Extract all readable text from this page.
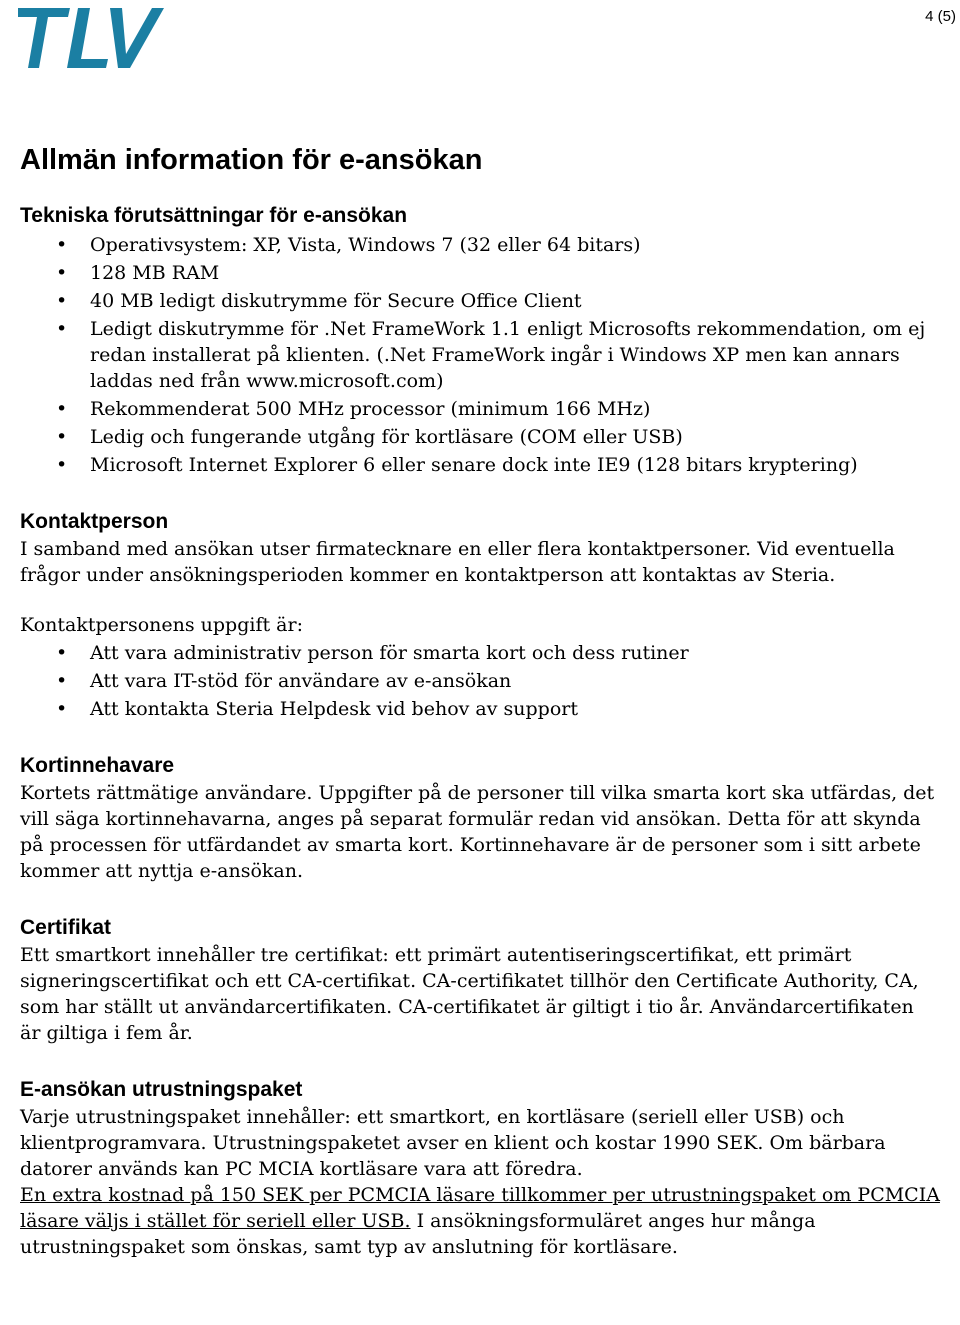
4 (5)
Allmän information för e-ansökan
Tekniska förutsättningar för e-ansökan
• Operativsystem: XP, Vista, Windows 7 (32 eller 64 bitars)
• 128 MB RAM
• 40 MB ledigt diskutrymme för Secure Office Client
• Ledigt diskutrymme för .Net FrameWork 1.1 enligt Microsofts rekommendation, om ej redan installerat på klienten. (.Net FrameWork ingår i Windows XP men kan annars laddas ned från www.microsoft.com)
• Rekommenderat 500 MHz processor (minimum 166 MHz)
• Ledig och fungerande utgång för kortläsare (COM eller USB)
• Microsoft Internet Explorer 6 eller senare dock inte IE9 (128 bitars kryptering)
Kontaktperson

I samband med ansökan utser firmatecknare en eller flera kontaktpersoner. Vid eventuella frågor under ansökningsperioden kommer en kontaktperson att kontaktas av Steria.

Kontaktpersonens uppgift är:

• Att vara administrativ person för smarta kort och dess rutiner
• Att vara IT-stöd för användare av e-ansökan
• Att kontakta Steria Helpdesk vid behov av support
Kortinnehavare

Kortets rättmätige användare. Uppgifter på de personer till vilka smarta kort ska utfärdas, det vill säga kortinnehavarna, anges på separat formulär redan vid ansökan. Detta för att skynda på processen för utfärdandet av smarta kort. Kortinnehavare är de personer som i sitt arbete kommer att nyttja e-ansökan.

Certifikat

Ett smartkort innehåller tre certifikat: ett primärt autentiseringscertifikat, ett primärt signeringscertifikat och ett CA-certifikat. CA-certifikatet tillhör den Certificate Authority, CA, som har ställt ut användarcertifikaten. CA-certifikatet är giltigt i tio år. Användarcertifikaten är giltiga i fem år.

E-ansökan utrustningspaket

Varje utrustningspaket innehåller: ett smartkort, en kortläsare (seriell eller USB) och klientprogramvara. Utrustningspaketet avser en klient och kostar 1990 SEK. Om bärbara datorer används kan PC MCIA kortläsare vara att föredra.

En extra kostnad på 150 SEK per PCMCIA läsare tillkommer per utrustningspaket om PCMCIA läsare väljs i stället för seriell eller USB. I ansökningsformuläret anges hur många utrustningspaket som önskas, samt typ av anslutning för kortläsare.
